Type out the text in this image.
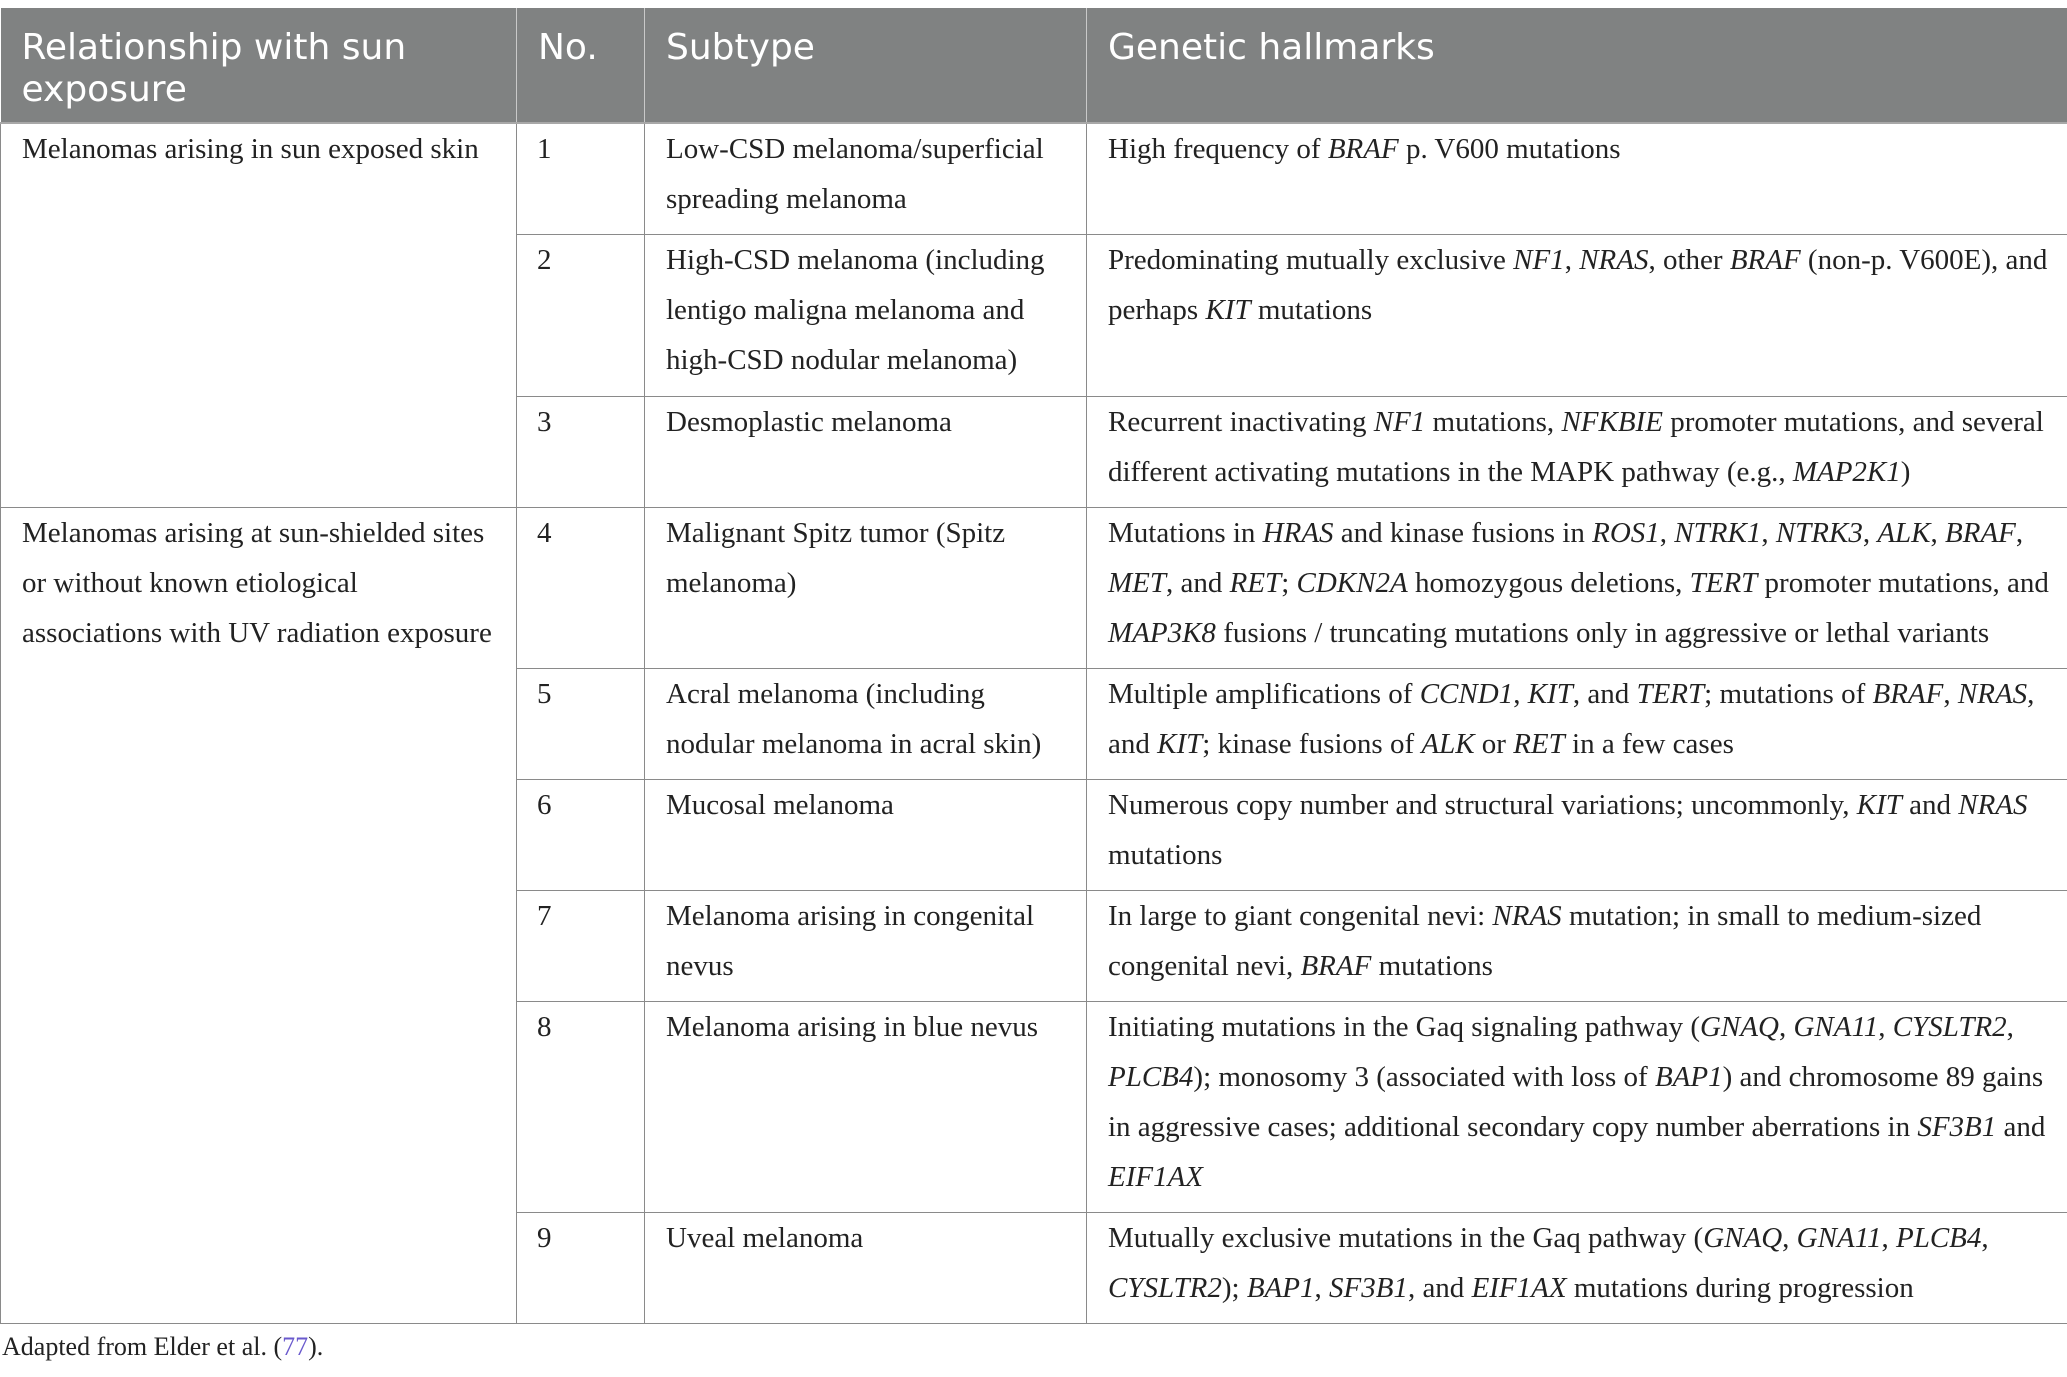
Relationship with sun exposure	No.	Subtype	Genetic hallmarks
Melanomas arising in sun exposed skin	1	Low-CSD melanoma/superficial spreading melanoma	High frequency of BRAF p. V600 mutations
	2	High-CSD melanoma (including lentigo maligna melanoma and high-CSD nodular melanoma)	Predominating mutually exclusive NF1, NRAS, other BRAF (non-p. V600E), and perhaps KIT mutations
	3	Desmoplastic melanoma	Recurrent inactivating NF1 mutations, NFKBIE promoter mutations, and several different activating mutations in the MAPK pathway (e.g., MAP2K1)
Melanomas arising at sun-shielded sites or without known etiological associations with UV radiation exposure	4	Malignant Spitz tumor (Spitz melanoma)	Mutations in HRAS and kinase fusions in ROS1, NTRK1, NTRK3, ALK, BRAF, MET, and RET; CDKN2A homozygous deletions, TERT promoter mutations, and MAP3K8 fusions / truncating mutations only in aggressive or lethal variants
	5	Acral melanoma (including nodular melanoma in acral skin)	Multiple amplifications of CCND1, KIT, and TERT; mutations of BRAF, NRAS, and KIT; kinase fusions of ALK or RET in a few cases
	6	Mucosal melanoma	Numerous copy number and structural variations; uncommonly, KIT and NRAS mutations
	7	Melanoma arising in congenital nevus	In large to giant congenital nevi: NRAS mutation; in small to medium-sized congenital nevi, BRAF mutations
	8	Melanoma arising in blue nevus	Initiating mutations in the Gaq signaling pathway (GNAQ, GNA11, CYSLTR2, PLCB4); monosomy 3 (associated with loss of BAP1) and chromosome 89 gains in aggressive cases; additional secondary copy number aberrations in SF3B1 and EIF1AX
	9	Uveal melanoma	Mutually exclusive mutations in the Gaq pathway (GNAQ, GNA11, PLCB4, CYSLTR2); BAP1, SF3B1, and EIF1AX mutations during progression
Adapted from Elder et al. (77).
